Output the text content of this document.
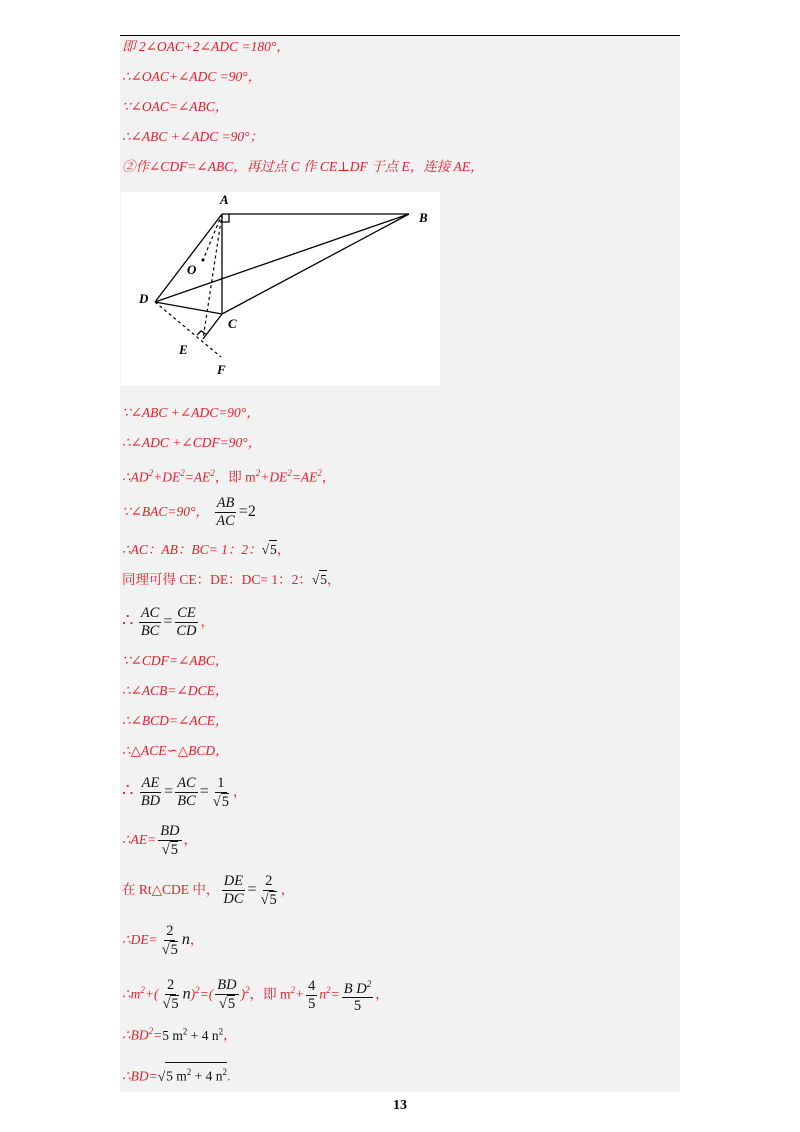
即 2∠OAC+2∠ADC =180°，
∴∠OAC+∠ADC =90°，
∵∠OAC=∠ABC，
∴∠ABC +∠ADC =90°；
②作∠CDF=∠ABC，再过点 C 作 CE⊥DF 于点 E，连接 AE，
A
B
C
D
E
F
O
∵∠ABC +∠ADC=90°，
∴∠ADC +∠CDF=90°，
$\therefore AD^2+DE^2=AE^2$，即 $m^2+DE^2=AE^2$，
∵∠BAC=90°， $\frac{AB}{AC} =2$
∴AC：AB：BC= 1：2：√5，
同理可得 CE：DE：DC= 1：2：√5，
∴ $\frac{AC}{BC} = \frac{CE}{CD}$ ，
∵∠CDF=∠ABC，
∴∠ACB=∠DCE，
∴∠BCD=∠ACE，
∴△ACE∽△BCD，
∴ $\frac{AE}{BD} = \frac{AC}{BC} = \frac{1}{√5}$ ，
∴AE= $\frac{BD}{√5}$ ，
在 Rt△CDE 中， $\frac{DE}{DC} = \frac{2}{√5}$ ，
∴DE= $\frac{2}{√5}$ n，
$\therefore m^2+( \frac{2}{√5} n)^2=( \frac{BD}{√5} )^2$，即 $m^2+ \frac{4}{5} n^2= \frac{B D^2}{5}$ ，
$\therefore BD^2=5$ $m^2 + 4$ $n^2$，
∴BD=√5 $m^2 + 4$ $n^2$.
13
